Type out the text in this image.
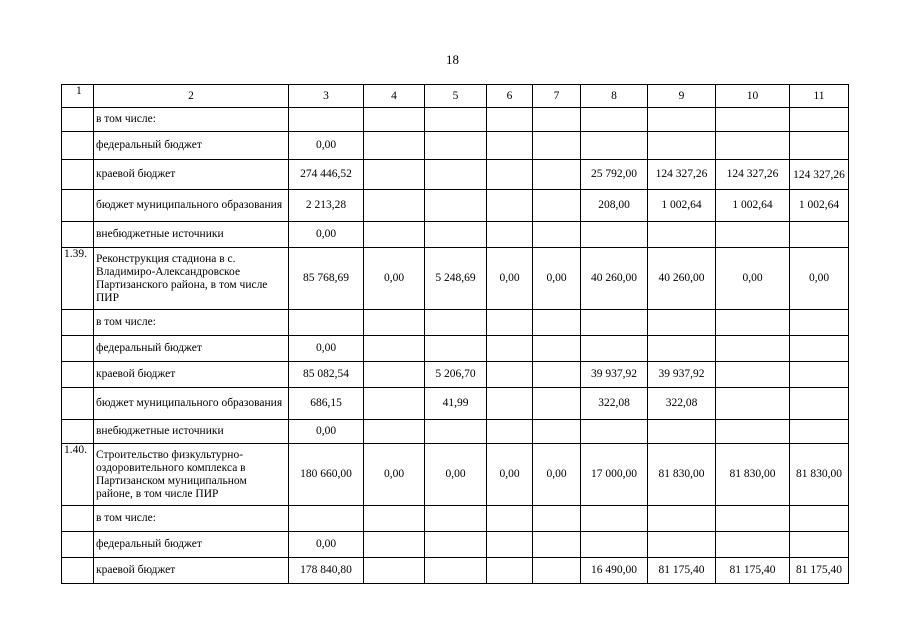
18
1	2	3	4	5	6	7	8	9	10	11
	в том числе:									
	федеральный бюджет	0,00								
	краевой бюджет	274 446,52					25 792,00	124 327,26	124 327,26	124 327,26
	бюджет муниципального образования	2 213,28					208,00	1 002,64	1 002,64	1 002,64
	внебюджетные источники	0,00								
1.39.	Реконструкция стадиона в с. Владимиро-Александровское Партизанского района, в том числе ПИР	85 768,69	0,00	5 248,69	0,00	0,00	40 260,00	40 260,00	0,00	0,00
	в том числе:									
	федеральный бюджет	0,00								
	краевой бюджет	85 082,54		5 206,70			39 937,92	39 937,92		
	бюджет муниципального образования	686,15		41,99			322,08	322,08		
	внебюджетные источники	0,00								
1.40.	Строительство физкультурно-оздоровительного комплекса в Партизанском муниципальном районе, в том числе ПИР	180 660,00	0,00	0,00	0,00	0,00	17 000,00	81 830,00	81 830,00	81 830,00
	в том числе:									
	федеральный бюджет	0,00								
	краевой бюджет	178 840,80					16 490,00	81 175,40	81 175,40	81 175,40
